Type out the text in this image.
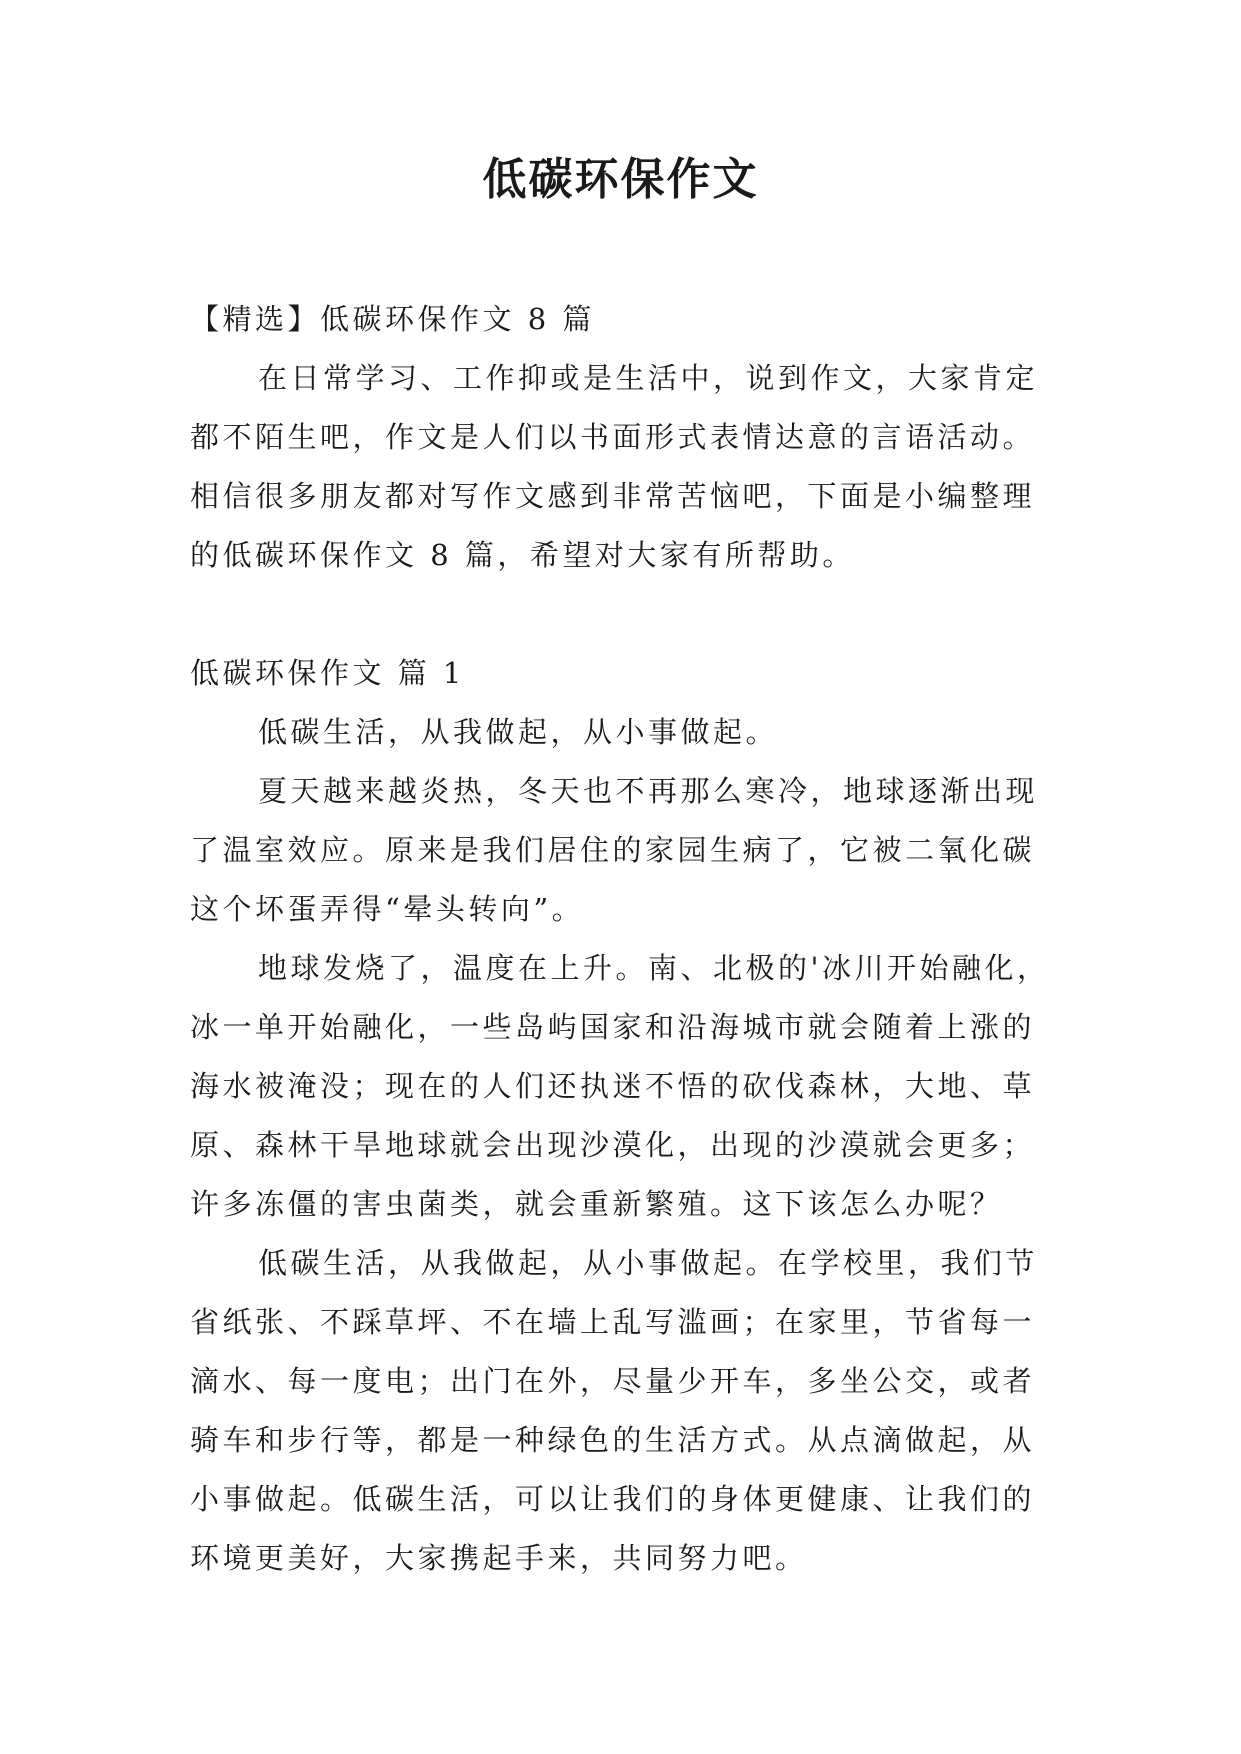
低碳环保作文

【精选】低碳环保作文 8 篇

在日常学习、工作抑或是生活中，说到作文，大家肯定都不陌生吧，作文是人们以书面形式表情达意的言语活动。相信很多朋友都对写作文感到非常苦恼吧，下面是小编整理的低碳环保作文 8 篇，希望对大家有所帮助。

低碳环保作文 篇 1

低碳生活，从我做起，从小事做起。

夏天越来越炎热，冬天也不再那么寒冷，地球逐渐出现了温室效应。原来是我们居住的家园生病了，它被二氧化碳这个坏蛋弄得“晕头转向”。

地球发烧了，温度在上升。南、北极的'冰川开始融化，冰一单开始融化，一些岛屿国家和沿海城市就会随着上涨的海水被淹没；现在的人们还执迷不悟的砍伐森林，大地、草原、森林干旱地球就会出现沙漠化，出现的沙漠就会更多；许多冻僵的害虫菌类，就会重新繁殖。这下该怎么办呢？

低碳生活，从我做起，从小事做起。在学校里，我们节省纸张、不踩草坪、不在墙上乱写滥画；在家里，节省每一滴水、每一度电；出门在外，尽量少开车，多坐公交，或者骑车和步行等，都是一种绿色的生活方式。从点滴做起，从小事做起。低碳生活，可以让我们的身体更健康、让我们的环境更美好，大家携起手来，共同努力吧。
